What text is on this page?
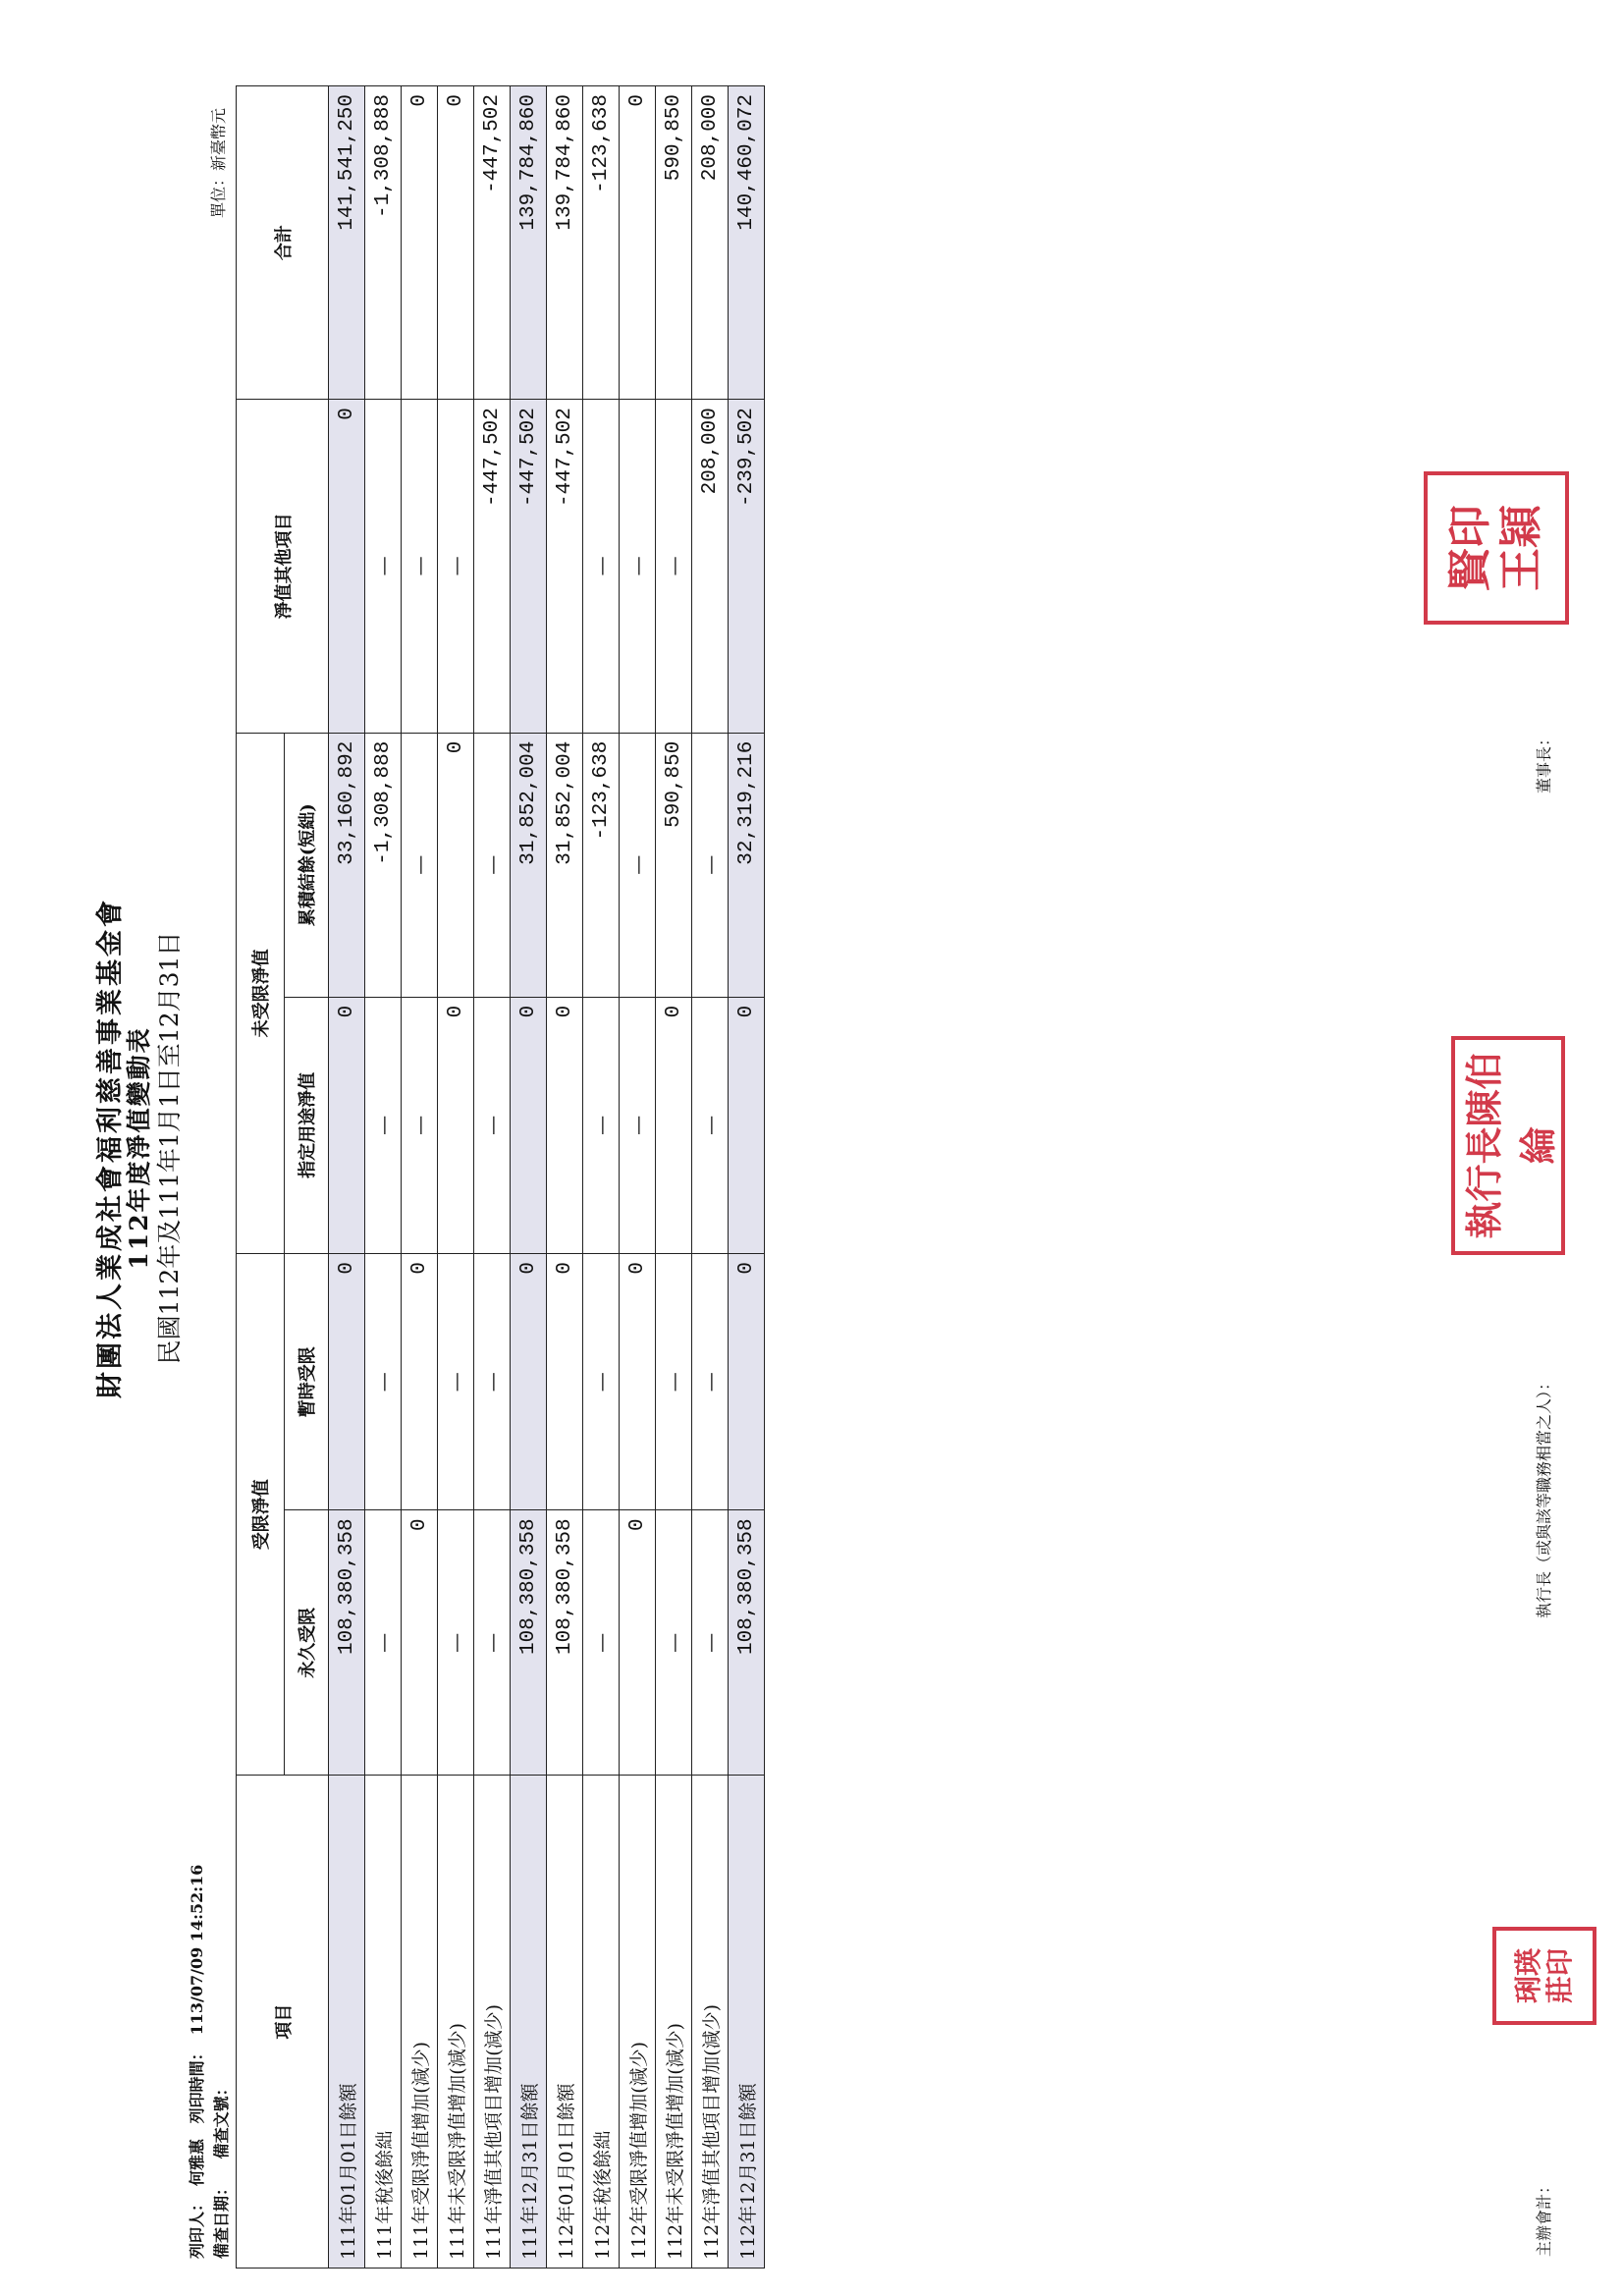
財團法人業成社會福利慈善事業基金會 112年度淨值變動表 民國112年及111年1月1日至12月31日
列印人：何雅惠 列印時間：113/07/09 14:52:16
備查日期： 備查文號：
單位：新臺幣元
項目	受限淨值		未受限淨值		淨值其他項目	合計
	永久受限	暫時受限	指定用途淨值	累積結餘(短絀)		
111年01月01日餘額	108,380,358	0	0	33,160,892	0	141,541,250
111年稅後餘絀	—	—	—	-1,308,888	—	-1,308,888
111年受限淨值增加(減少)	0	0	—	—	—	0
111年未受限淨值增加(減少)	—	—	0	0	—	0
111年淨值其他項目增加(減少)	—	—	—	—	-447,502	-447,502
111年12月31日餘額	108,380,358	0	0	31,852,004	-447,502	139,784,860
112年01月01日餘額	108,380,358	0	0	31,852,004	-447,502	139,784,860
112年稅後餘絀	—	—	—	-123,638	—	-123,638
112年受限淨值增加(減少)	0	0	—	—	—	0
112年未受限淨值增加(減少)	—	—	0	590,850	—	590,850
112年淨值其他項目增加(減少)	—	—	—	—	208,000	208,000
112年12月31日餘額	108,380,358	0	0	32,319,216	-239,502	140,460,072
主辦會計：
琍瑛
莊印
執行長（或與該等職務相當之人）：
執行長陳伯綸
董事長：
賢印
王穎
